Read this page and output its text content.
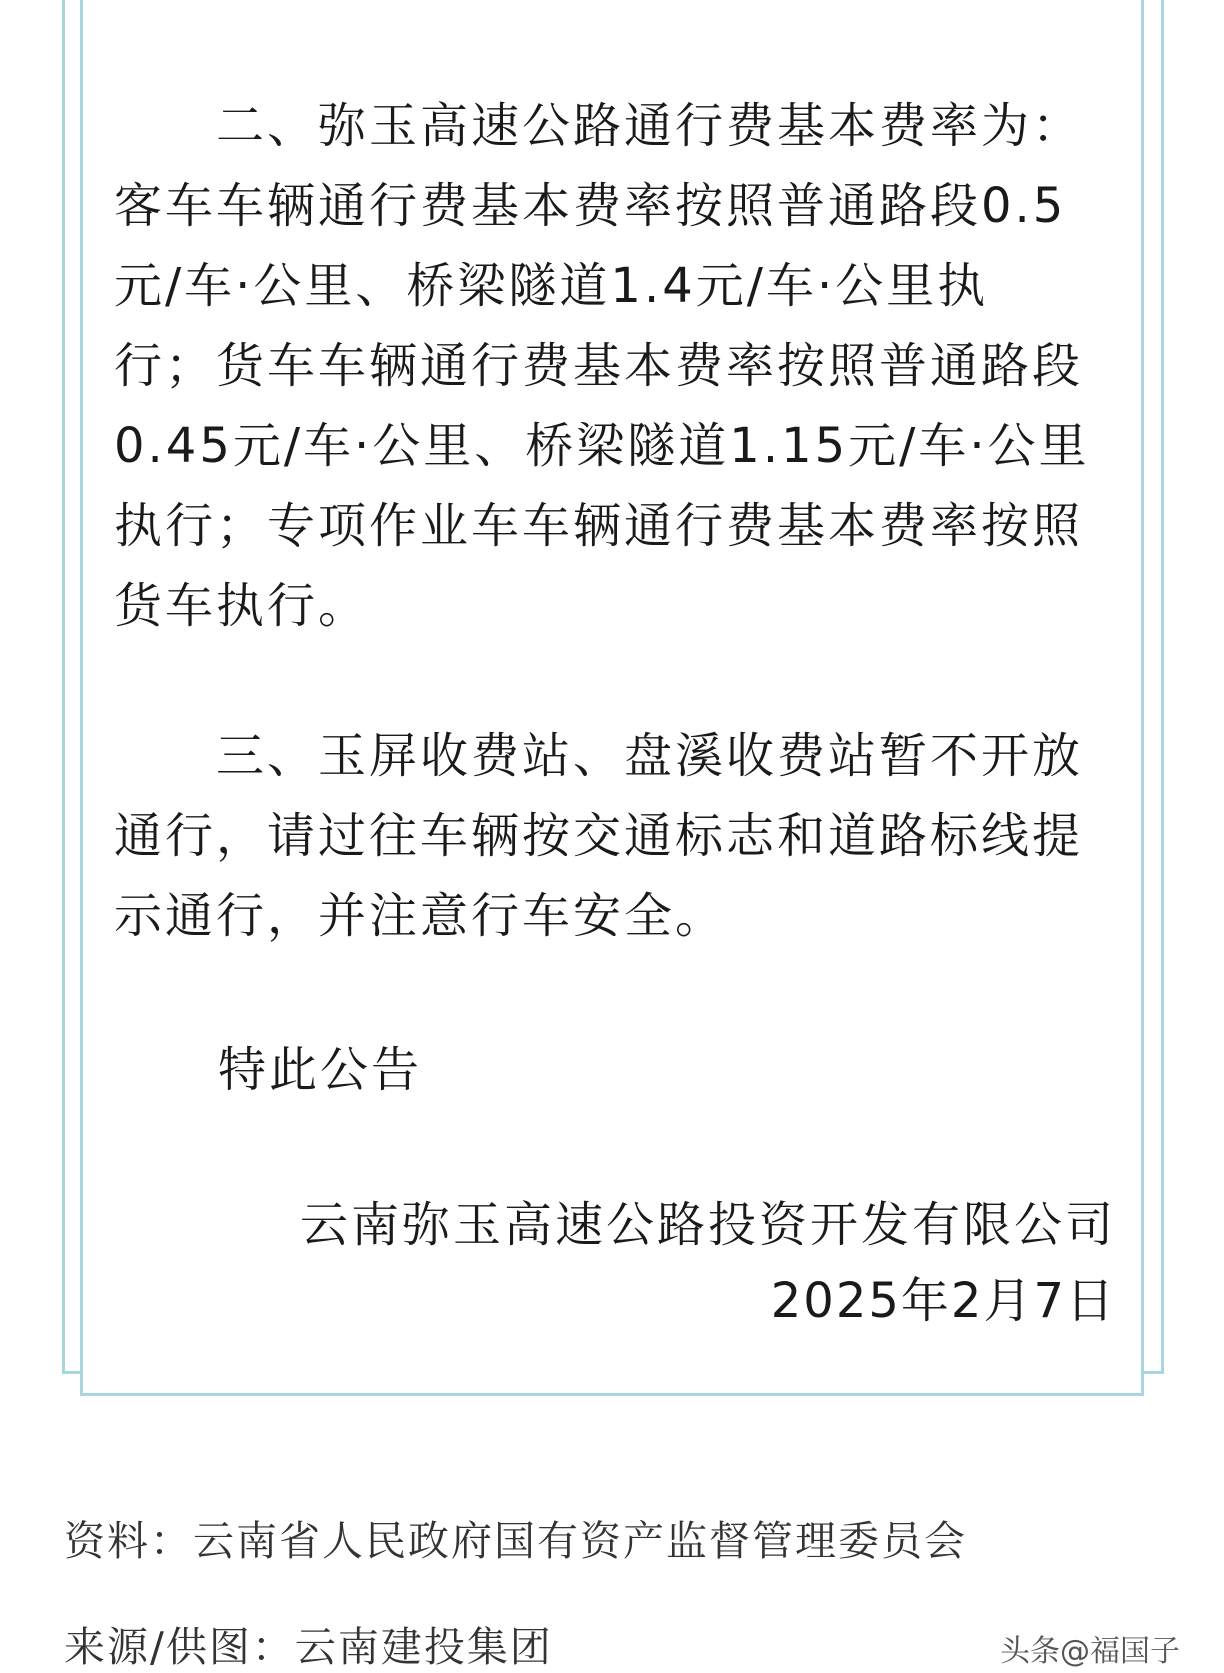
　　二、弥玉高速公路通行费基本费率为：
客车车辆通行费基本费率按照普通路段0.5
元/车·公里、桥梁隧道1.4元/车·公里执
行；货车车辆通行费基本费率按照普通路段
0.45元/车·公里、桥梁隧道1.15元/车·公里
执行；专项作业车车辆通行费基本费率按照
货车执行。
　　三、玉屏收费站、盘溪收费站暂不开放
通行，请过往车辆按交通标志和道路标线提
示通行，并注意行车安全。
特此公告
云南弥玉高速公路投资开发有限公司
2025年2月7日
资料：云南省人民政府国有资产监督管理委员会
来源/供图：云南建投集团	头条@福国子
